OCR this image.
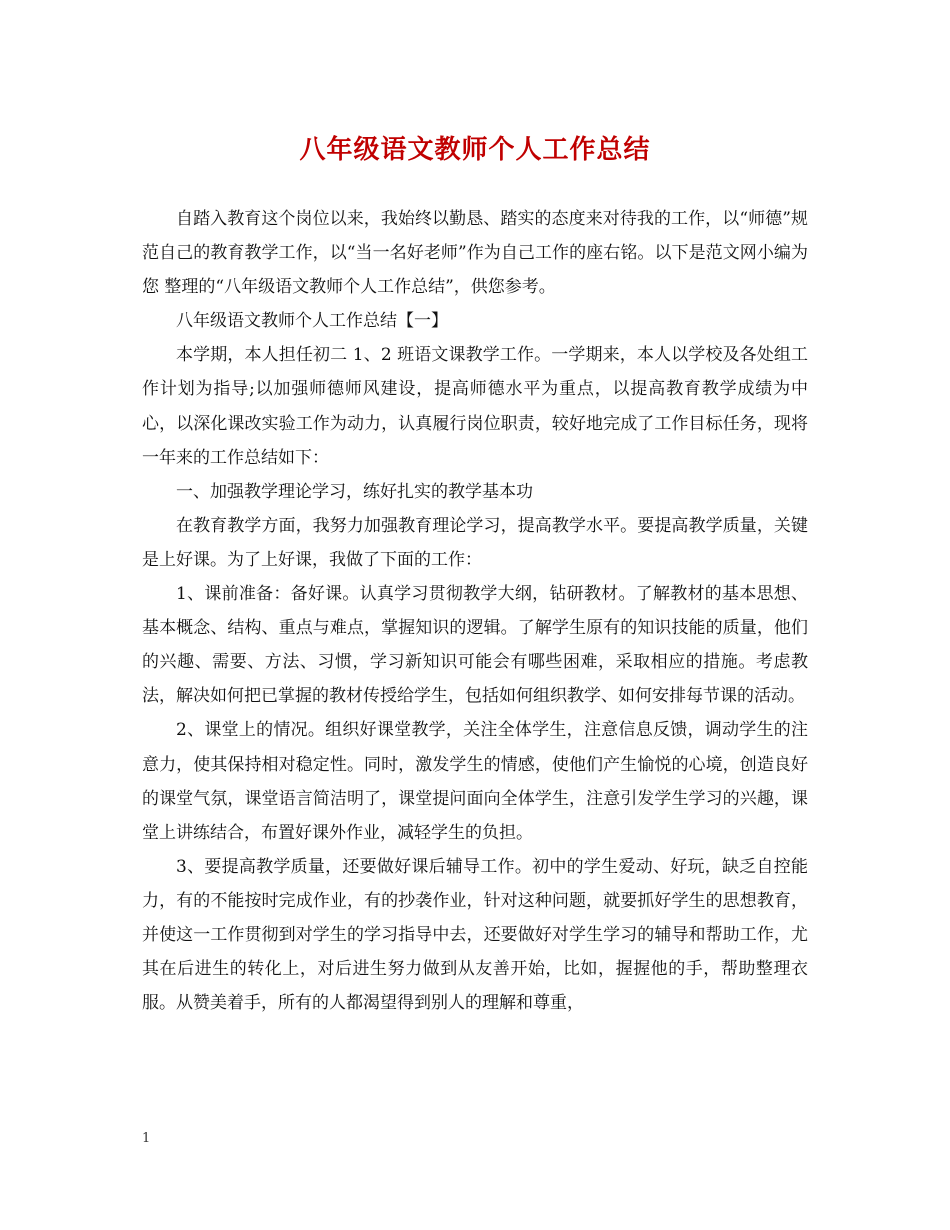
八年级语文教师个人工作总结

自踏入教育这个岗位以来，我始终以勤恳、踏实的态度来对待我的工作，以“师德”规范自己的教育教学工作，以“当一名好老师”作为自己工作的座右铭。以下是范文网小编为您 整理的“八年级语文教师个人工作总结”，供您参考。

八年级语文教师个人工作总结【一】

本学期，本人担任初二 1、2 班语文课教学工作。一学期来，本人以学校及各处组工作计划为指导;以加强师德师风建设，提高师德水平为重点，以提高教育教学成绩为中心，以深化课改实验工作为动力，认真履行岗位职责，较好地完成了工作目标任务，现将一年来的工作总结如下：

一、加强教学理论学习，练好扎实的教学基本功

在教育教学方面，我努力加强教育理论学习，提高教学水平。要提高教学质量，关键是上好课。为了上好课，我做了下面的工作：

1、课前准备：备好课。认真学习贯彻教学大纲，钻研教材。了解教材的基本思想、基本概念、结构、重点与难点，掌握知识的逻辑。了解学生原有的知识技能的质量，他们的兴趣、需要、方法、习惯，学习新知识可能会有哪些困难，采取相应的措施。考虑教法，解决如何把已掌握的教材传授给学生，包括如何组织教学、如何安排每节课的活动。

2、课堂上的情况。组织好课堂教学，关注全体学生，注意信息反馈，调动学生的注意力，使其保持相对稳定性。同时，激发学生的情感，使他们产生愉悦的心境，创造良好的课堂气氛，课堂语言简洁明了，课堂提问面向全体学生，注意引发学生学习的兴趣，课堂上讲练结合，布置好课外作业，减轻学生的负担。

3、要提高教学质量，还要做好课后辅导工作。初中的学生爱动、好玩，缺乏自控能力，有的不能按时完成作业，有的抄袭作业，针对这种问题，就要抓好学生的思想教育，并使这一工作贯彻到对学生的学习指导中去，还要做好对学生学习的辅导和帮助工作，尤其在后进生的转化上，对后进生努力做到从友善开始，比如，握握他的手，帮助整理衣服。从赞美着手，所有的人都渴望得到别人的理解和尊重，

1
